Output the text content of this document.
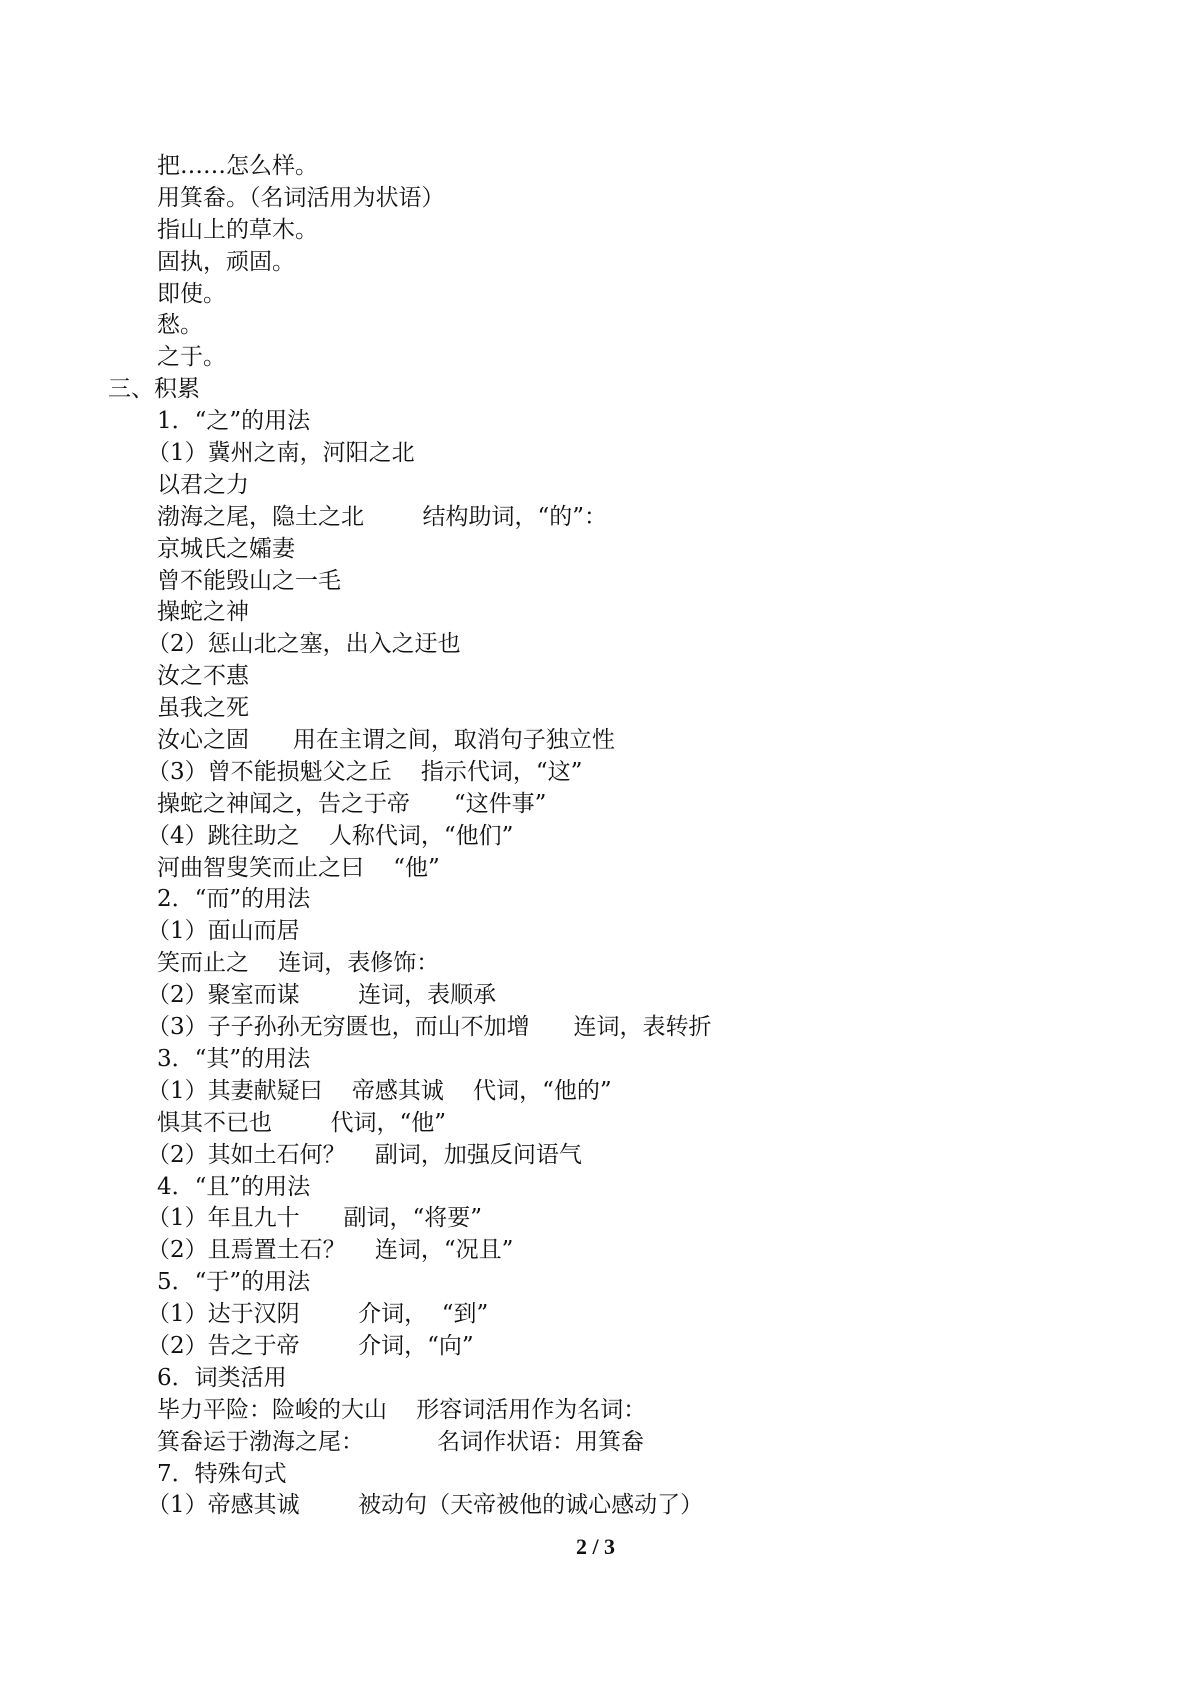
把……怎么样。
用箕畚。（名词活用为状语）
指山上的草木。
固执，顽固。
即使。
愁。
之于。
三、积累
1．“之”的用法
（1）冀州之南，河阳之北
以君之力
渤海之尾，隐土之北        结构助词，“的”：
京城氏之孀妻
曾不能毁山之一毛
操蛇之神
（2）惩山北之塞，出入之迂也
汝之不惠
虽我之死
汝心之固      用在主谓之间，取消句子独立性
（3）曾不能损魁父之丘    指示代词，“这”
操蛇之神闻之，告之于帝      “这件事”
（4）跳往助之    人称代词，“他们”
河曲智叟笑而止之曰    “他”
2．“而”的用法
（1）面山而居
笑而止之    连词，表修饰：
（2）聚室而谋        连词，表顺承
（3）子子孙孙无穷匮也，而山不加增      连词，表转折
3．“其”的用法
（1）其妻献疑曰    帝感其诚    代词，“他的”
惧其不已也        代词，“他”
（2）其如土石何？    副词，加强反问语气
4．“且”的用法
（1）年且九十      副词，“将要”
（2）且焉置土石？    连词，“况且”
5．“于”的用法
（1）达于汉阴        介词，  “到”
（2）告之于帝        介词，“向”
6．词类活用
毕力平险：险峻的大山    形容词活用作为名词：
箕畚运于渤海之尾：          名词作状语：用箕畚
7．特殊句式
（1）帝感其诚        被动句（天帝被他的诚心感动了）
2 / 3
